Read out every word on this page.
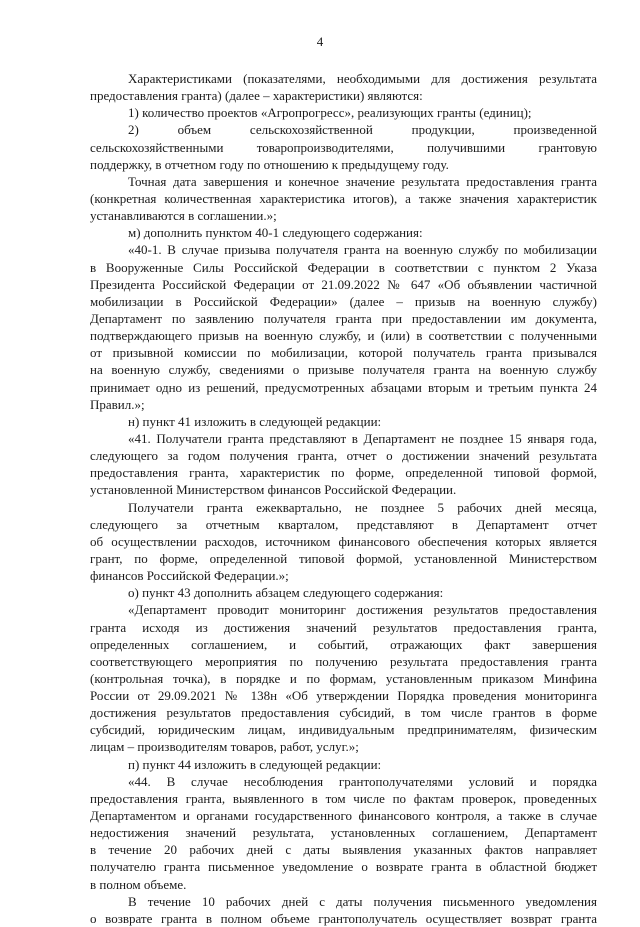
4
Характеристиками (показателями, необходимыми для достижения результата
предоставления гранта) (далее – характеристики) являются:
1) количество проектов «Агропрогресс», реализующих гранты (единиц);
2) объем сельскохозяйственной продукции, произведенной
сельскохозяйственными товаропроизводителями, получившими грантовую
поддержку, в отчетном году по отношению к предыдущему году.
Точная дата завершения и конечное значение результата предоставления гранта
(конкретная количественная характеристика итогов), а также значения характеристик
устанавливаются в соглашении.»;
м) дополнить пунктом 40-1 следующего содержания:
«40-1. В случае призыва получателя гранта на военную службу по мобилизации
в Вооруженные Силы Российской Федерации в соответствии с пунктом 2 Указа
Президента Российской Федерации от 21.09.2022 № 647 «Об объявлении частичной
мобилизации в Российской Федерации» (далее – призыв на военную службу)
Департамент по заявлению получателя гранта при предоставлении им документа,
подтверждающего призыв на военную службу, и (или) в соответствии с полученными
от призывной комиссии по мобилизации, которой получатель гранта призывался
на военную службу, сведениями о призыве получателя гранта на военную службу
принимает одно из решений, предусмотренных абзацами вторым и третьим пункта 24
Правил.»;
н) пункт 41 изложить в следующей редакции:
«41. Получатели гранта представляют в Департамент не позднее 15 января года,
следующего за годом получения гранта, отчет о достижении значений результата
предоставления гранта, характеристик по форме, определенной типовой формой,
установленной Министерством финансов Российской Федерации.
Получатели гранта ежеквартально, не позднее 5 рабочих дней месяца,
следующего за отчетным кварталом, представляют в Департамент отчет
об осуществлении расходов, источником финансового обеспечения которых является
грант, по форме, определенной типовой формой, установленной Министерством
финансов Российской Федерации.»;
о) пункт 43 дополнить абзацем следующего содержания:
«Департамент проводит мониторинг достижения результатов предоставления
гранта исходя из достижения значений результатов предоставления гранта,
определенных соглашением, и событий, отражающих факт завершения
соответствующего мероприятия по получению результата предоставления гранта
(контрольная точка), в порядке и по формам, установленным приказом Минфина
России от 29.09.2021 № 138н «Об утверждении Порядка проведения мониторинга
достижения результатов предоставления субсидий, в том числе грантов в форме
субсидий, юридическим лицам, индивидуальным предпринимателям, физическим
лицам – производителям товаров, работ, услуг.»;
п) пункт 44 изложить в следующей редакции:
«44. В случае несоблюдения грантополучателями условий и порядка
предоставления гранта, выявленного в том числе по фактам проверок, проведенных
Департаментом и органами государственного финансового контроля, а также в случае
недостижения значений результата, установленных соглашением, Департамент
в течение 20 рабочих дней с даты выявления указанных фактов направляет
получателю гранта письменное уведомление о возврате гранта в областной бюджет
в полном объеме.
В течение 10 рабочих дней с даты получения письменного уведомления
о возврате гранта в полном объеме грантополучатель осуществляет возврат гранта
